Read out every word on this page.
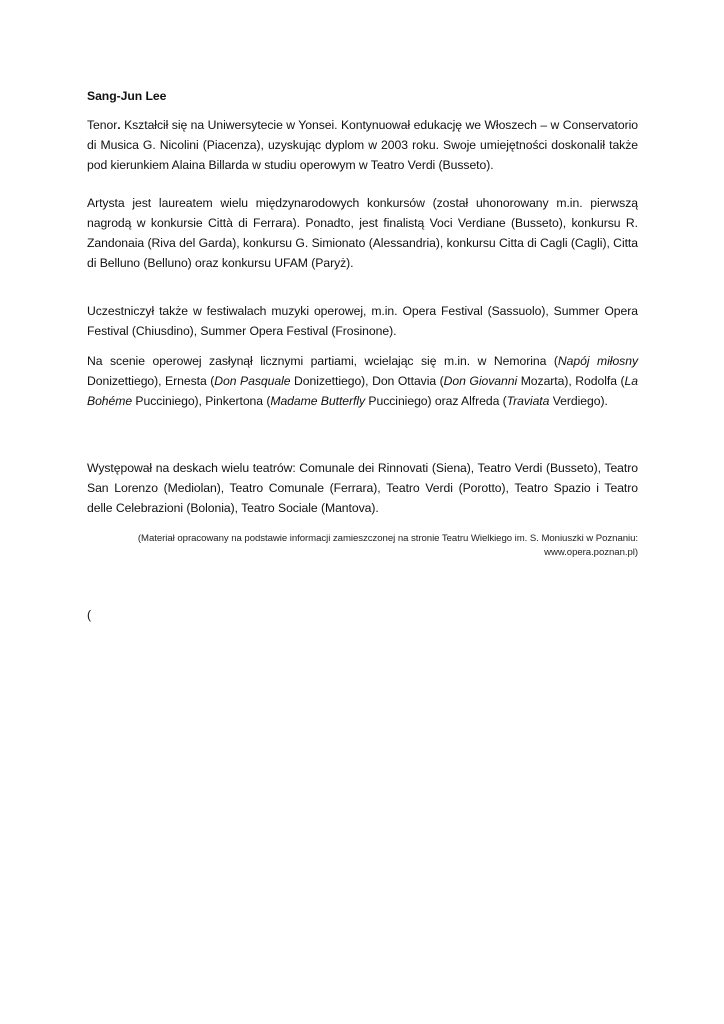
Sang-Jun Lee

Tenor. Kształcił się na Uniwersytecie w Yonsei. Kontynuował edukację we Włoszech – w Conservatorio di Musica G. Nicolini (Piacenza), uzyskując dyplom w 2003 roku. Swoje umiejętności doskonalił także pod kierunkiem Alaina Billarda w studiu operowym w Teatro Verdi (Busseto).

Artysta jest laureatem wielu międzynarodowych konkursów (został uhonorowany m.in. pierwszą nagrodą w konkursie Città di Ferrara). Ponadto, jest finalistą Voci Verdiane (Busseto), konkursu R. Zandonaia (Riva del Garda), konkursu G. Simionato (Alessandria), konkursu Citta di Cagli (Cagli), Citta di Belluno (Belluno) oraz konkursu UFAM (Paryż).

Uczestniczył także w festiwalach muzyki operowej, m.in. Opera Festival (Sassuolo), Summer Opera Festival (Chiusdino), Summer Opera Festival (Frosinone).

Na scenie operowej zasłynął licznymi partiami, wcielając się m.in. w Nemorina (Napój miłosny Donizettiego), Ernesta (Don Pasquale Donizettiego), Don Ottavia (Don Giovanni Mozarta), Rodolfa (La Bohéme Pucciniego), Pinkertona (Madame Butterfly Pucciniego) oraz Alfreda (Traviata Verdiego).

Występował na deskach wielu teatrów: Comunale dei Rinnovati (Siena), Teatro Verdi (Busseto), Teatro San Lorenzo (Mediolan), Teatro Comunale (Ferrara), Teatro Verdi (Porotto), Teatro Spazio i Teatro delle Celebrazioni (Bolonia), Teatro Sociale (Mantova).

(Materiał opracowany na podstawie informacji zamieszczonej na stronie Teatru Wielkiego im. S. Moniuszki w Poznaniu:
www.opera.poznan.pl)
(
